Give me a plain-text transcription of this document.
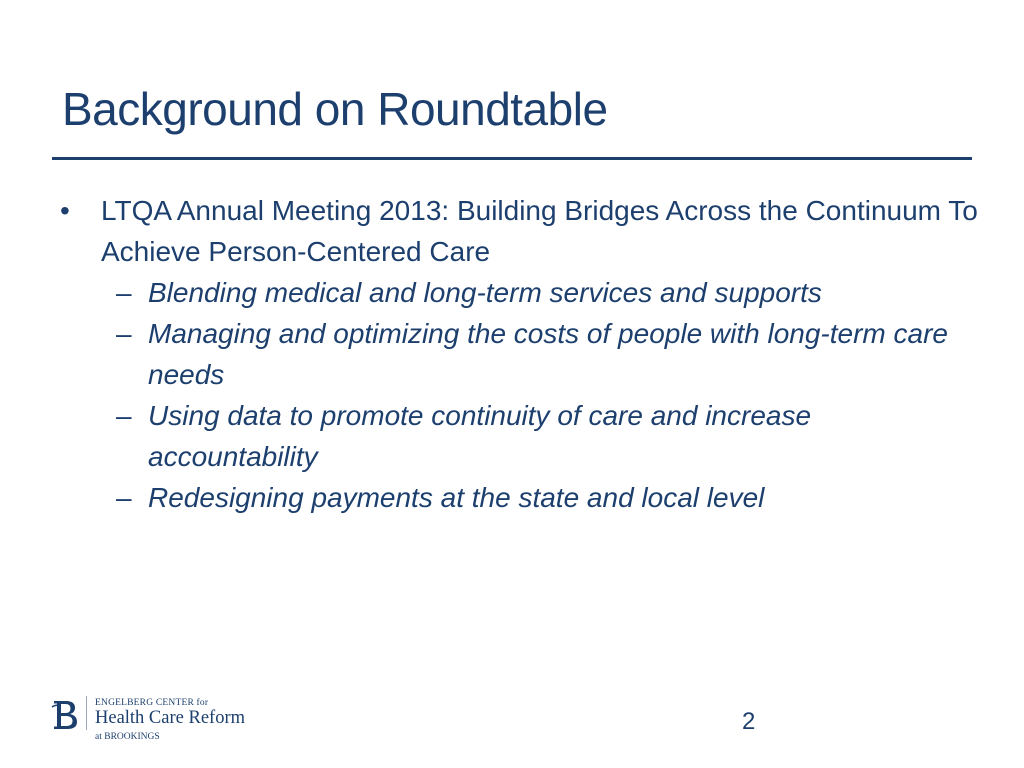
Background on Roundtable
• LTQA Annual Meeting 2013: Building Bridges Across the Continuum To Achieve Person-Centered Care
– Blending medical and long-term services and supports
– Managing and optimizing the costs of people with long-term care needs
– Using data to promote continuity of care and increase accountability
– Redesigning payments at the state and local level
ENGELBERG CENTER for
Health Care Reform
at BROOKINGS
2
